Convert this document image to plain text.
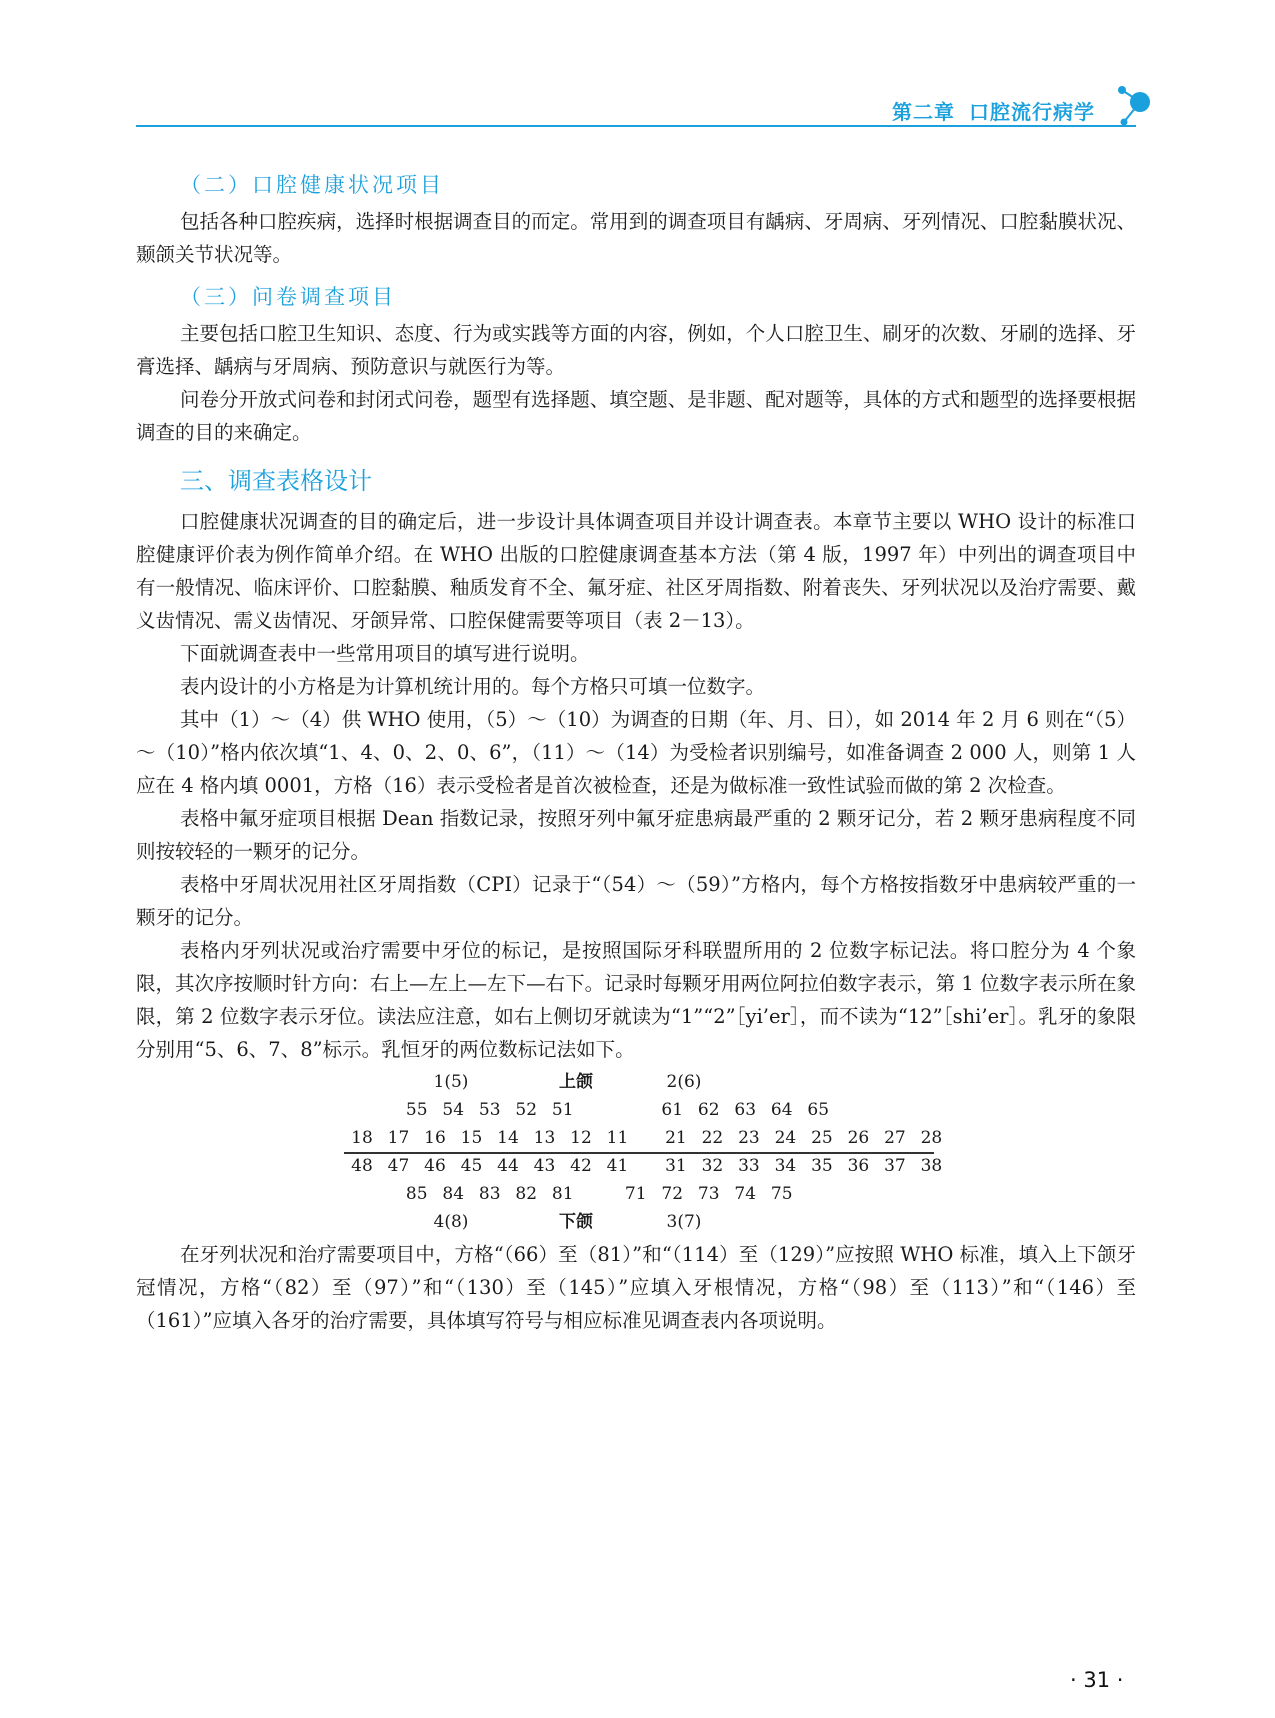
第二章 口腔流行病学
（二）口腔健康状况项目

包括各种口腔疾病，选择时根据调查目的而定。常用到的调查项目有龋病、牙周病、牙列情况、口腔黏膜状况、颞颌关节状况等。

（三）问卷调查项目

主要包括口腔卫生知识、态度、行为或实践等方面的内容，例如，个人口腔卫生、刷牙的次数、牙刷的选择、牙膏选择、龋病与牙周病、预防意识与就医行为等。

问卷分开放式问卷和封闭式问卷，题型有选择题、填空题、是非题、配对题等，具体的方式和题型的选择要根据调查的目的来确定。

三、调查表格设计

口腔健康状况调查的目的确定后，进一步设计具体调查项目并设计调查表。本章节主要以 WHO 设计的标准口腔健康评价表为例作简单介绍。在 WHO 出版的口腔健康调查基本方法（第 4 版，1997 年）中列出的调查项目中有一般情况、临床评价、口腔黏膜、釉质发育不全、氟牙症、社区牙周指数、附着丧失、牙列状况以及治疗需要、戴义齿情况、需义齿情况、牙颌异常、口腔保健需要等项目（表 2－13）。

下面就调查表中一些常用项目的填写进行说明。

表内设计的小方格是为计算机统计用的。每个方格只可填一位数字。

其中（1）～（4）供 WHO 使用，（5）～（10）为调查的日期（年、月、日），如 2014 年 2 月 6 则在“（5）～（10）”格内依次填“1、4、0、2、0、6”，（11）～（14）为受检者识别编号，如准备调查 2 000 人，则第 1 人应在 4 格内填 0001，方格（16）表示受检者是首次被检查，还是为做标准一致性试验而做的第 2 次检查。

表格中氟牙症项目根据 Dean 指数记录，按照牙列中氟牙症患病最严重的 2 颗牙记分，若 2 颗牙患病程度不同则按较轻的一颗牙的记分。

表格中牙周状况用社区牙周指数（CPI）记录于“（54）～（59）”方格内，每个方格按指数牙中患病较严重的一颗牙的记分。

表格内牙列状况或治疗需要中牙位的标记，是按照国际牙科联盟所用的 2 位数字标记法。将口腔分为 4 个象限，其次序按顺时针方向：右上—左上—左下—右下。记录时每颗牙用两位阿拉伯数字表示，第 1 位数字表示所在象限，第 2 位数字表示牙位。读法应注意，如右上侧切牙就读为“1”“2”［yi’er］，而不读为“12”［shi’er］。乳牙的象限分别用“5、6、7、8”标示。乳恒牙的两位数标记法如下。

1(5)	上颌	2(6)
55 54 53 52 51	61 62 63 64 65
18 17 16 15 14 13 12 11 21 22 23 24 25 26 27 28
48 47 46 45 44 43 42 41 31 32 33 34 35 36 37 38
85 84 83 82 81	71 72 73 74 75
4(8)	下颌	3(7)

在牙列状况和治疗需要项目中，方格“（66）至（81）”和“（114）至（129）”应按照 WHO 标准，填入上下颌牙冠情况，方格“（82）至（97）”和“（130）至（145）”应填入牙根情况，方格“（98）至（113）”和“（146）至（161）”应填入各牙的治疗需要，具体填写符号与相应标准见调查表内各项说明。

· 31 ·
